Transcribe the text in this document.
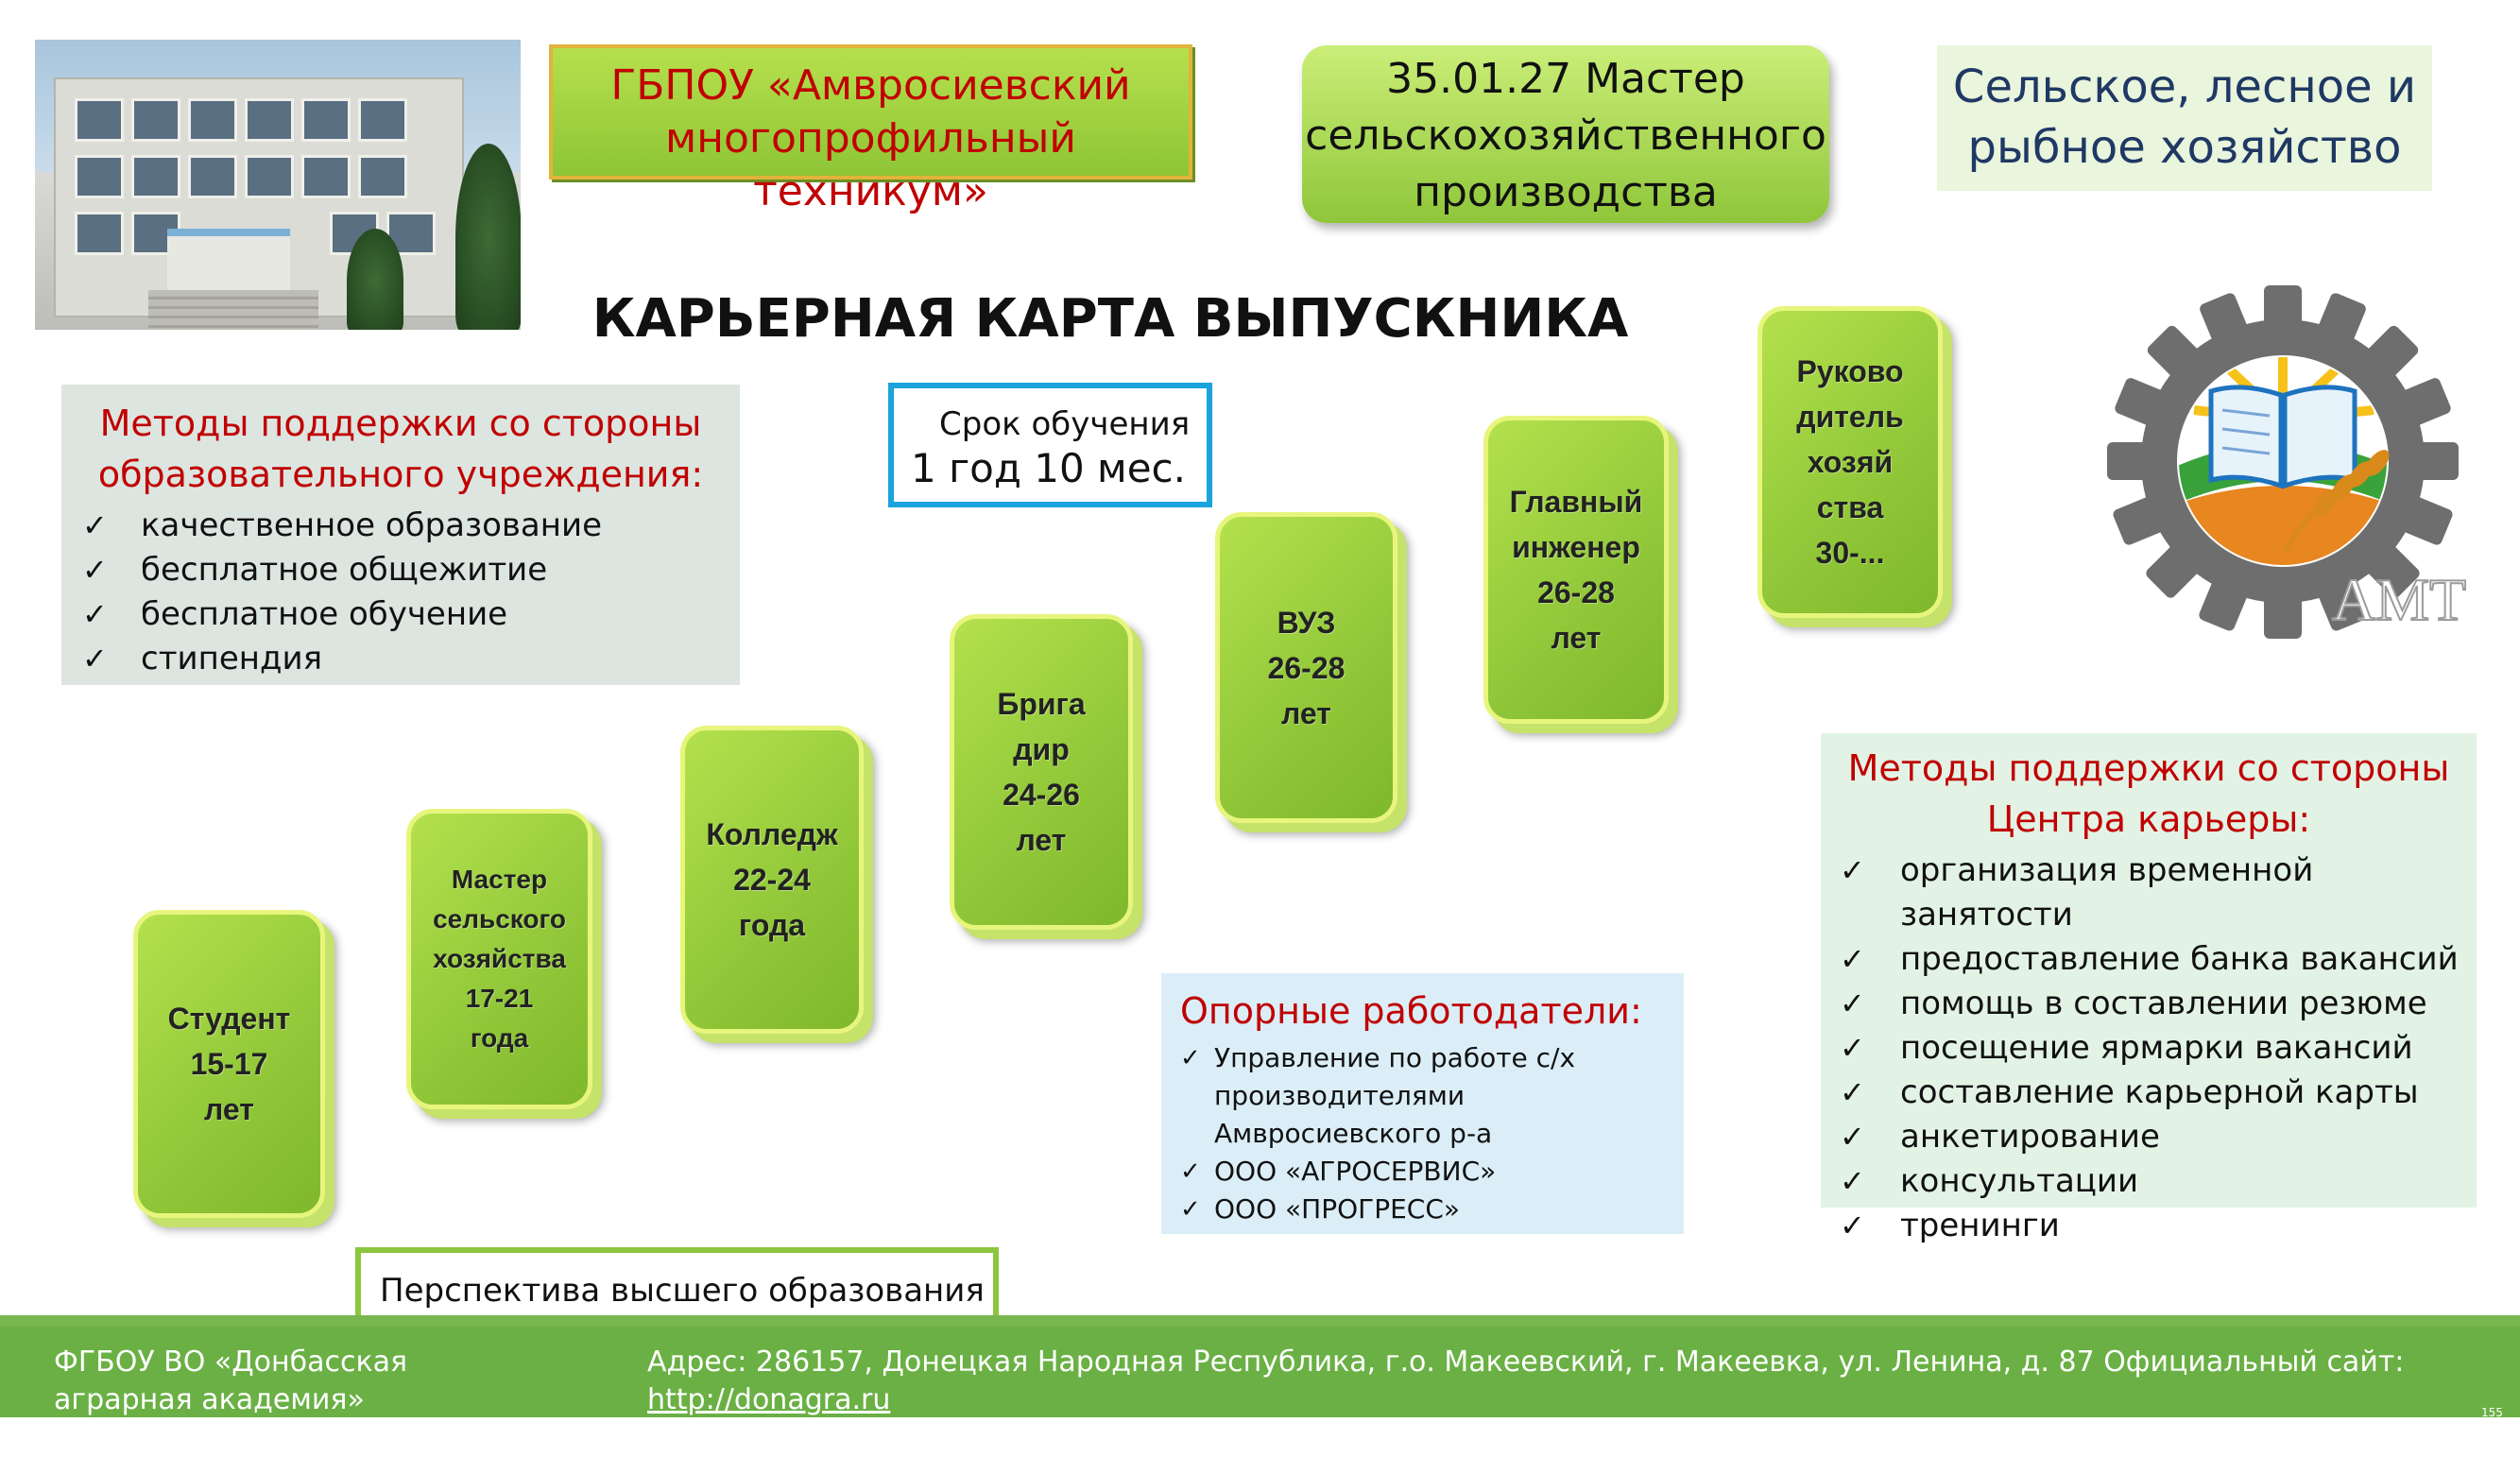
ГБПОУ «Амвросиевский многопрофильный техникум»
35.01.27 Мастер сельскохозяйственного производства
Сельское, лесное и рыбное хозяйство
КАРЬЕРНАЯ КАРТА ВЫПУСКНИКА
Методы поддержки со стороны образовательного учреждения:
✓ качественное образование
✓ бесплатное общежитие
✓ бесплатное обучение
✓ стипендия
Срок обучения
1 год 10 мес.
АМТ
Студент
15-17
лет
Мастер
сельского
хозяйства
17-21
года
Колледж
22-24
года
Брига
дир
24-26
лет
ВУЗ
26-28
лет
Главный
инженер
26-28
лет
Руково
дитель
хозяй
ства
30-...
Опорные работодатели:
✓ Управление по работе с/х производителями Амвросиевского р-а
✓ ООО «АГРОСЕРВИС»
✓ ООО «ПРОГРЕСС»
Методы поддержки со стороны Центра карьеры:
✓ организация временной занятости
✓ предоставление банка вакансий
✓ помощь в составлении резюме
✓ посещение ярмарки вакансий
✓ составление карьерной карты
✓ анкетирование
✓ консультации
✓ тренинги
Перспектива высшего образования
ФГБОУ ВО «Донбасская аграрная академия»
Адрес: 286157, Донецкая Народная Республика, г.о. Макеевский, г. Макеевка, ул. Ленина, д. 87 Официальный сайт: http://donagra.ru
Электронная почта:gouvpodonagra@mail.ru Телефон: +7(949) 517-86-76; (8563) 22-22-27
155
